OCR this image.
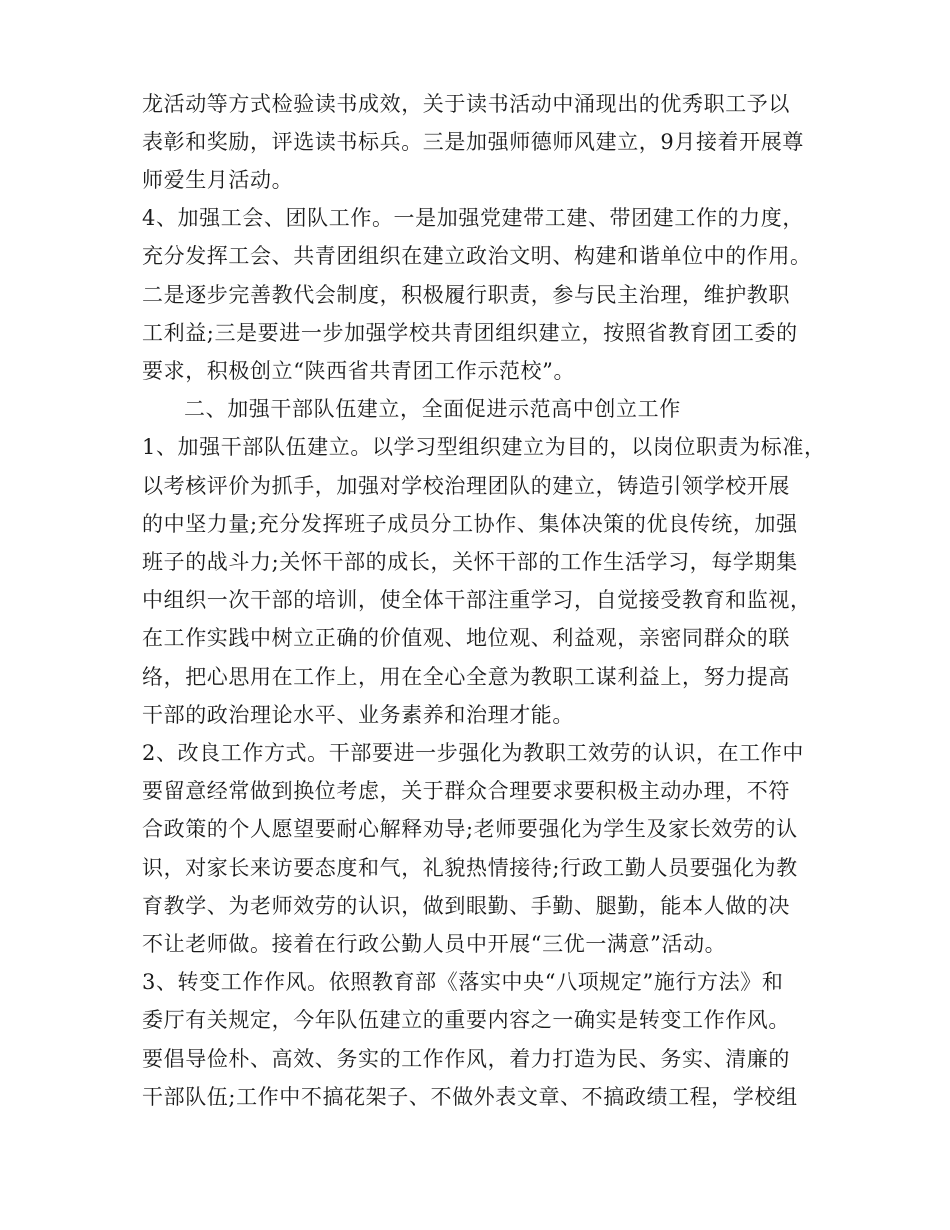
龙活动等方式检验读书成效，关于读书活动中涌现出的优秀职工予以
表彰和奖励，评选读书标兵。三是加强师德师风建立，9月接着开展尊
师爱生月活动。
4、加强工会、团队工作。一是加强党建带工建、带团建工作的力度，
充分发挥工会、共青团组织在建立政治文明、构建和谐单位中的作用。
二是逐步完善教代会制度，积极履行职责，参与民主治理，维护教职
工利益;三是要进一步加强学校共青团组织建立，按照省教育团工委的
要求，积极创立“陕西省共青团工作示范校”。
二、加强干部队伍建立，全面促进示范高中创立工作
1、加强干部队伍建立。以学习型组织建立为目的，以岗位职责为标准，
以考核评价为抓手，加强对学校治理团队的建立，铸造引领学校开展
的中坚力量;充分发挥班子成员分工协作、集体决策的优良传统，加强
班子的战斗力;关怀干部的成长，关怀干部的工作生活学习，每学期集
中组织一次干部的培训，使全体干部注重学习，自觉接受教育和监视，
在工作实践中树立正确的价值观、地位观、利益观，亲密同群众的联
络，把心思用在工作上，用在全心全意为教职工谋利益上，努力提高
干部的政治理论水平、业务素养和治理才能。
2、改良工作方式。干部要进一步强化为教职工效劳的认识，在工作中
要留意经常做到换位考虑，关于群众合理要求要积极主动办理，不符
合政策的个人愿望要耐心解释劝导;老师要强化为学生及家长效劳的认
识，对家长来访要态度和气，礼貌热情接待;行政工勤人员要强化为教
育教学、为老师效劳的认识，做到眼勤、手勤、腿勤，能本人做的决
不让老师做。接着在行政公勤人员中开展“三优一满意”活动。
3、转变工作作风。依照教育部《落实中央“八项规定”施行方法》和
委厅有关规定，今年队伍建立的重要内容之一确实是转变工作作风。
要倡导俭朴、高效、务实的工作作风，着力打造为民、务实、清廉的
干部队伍;工作中不搞花架子、不做外表文章、不搞政绩工程，学校组
